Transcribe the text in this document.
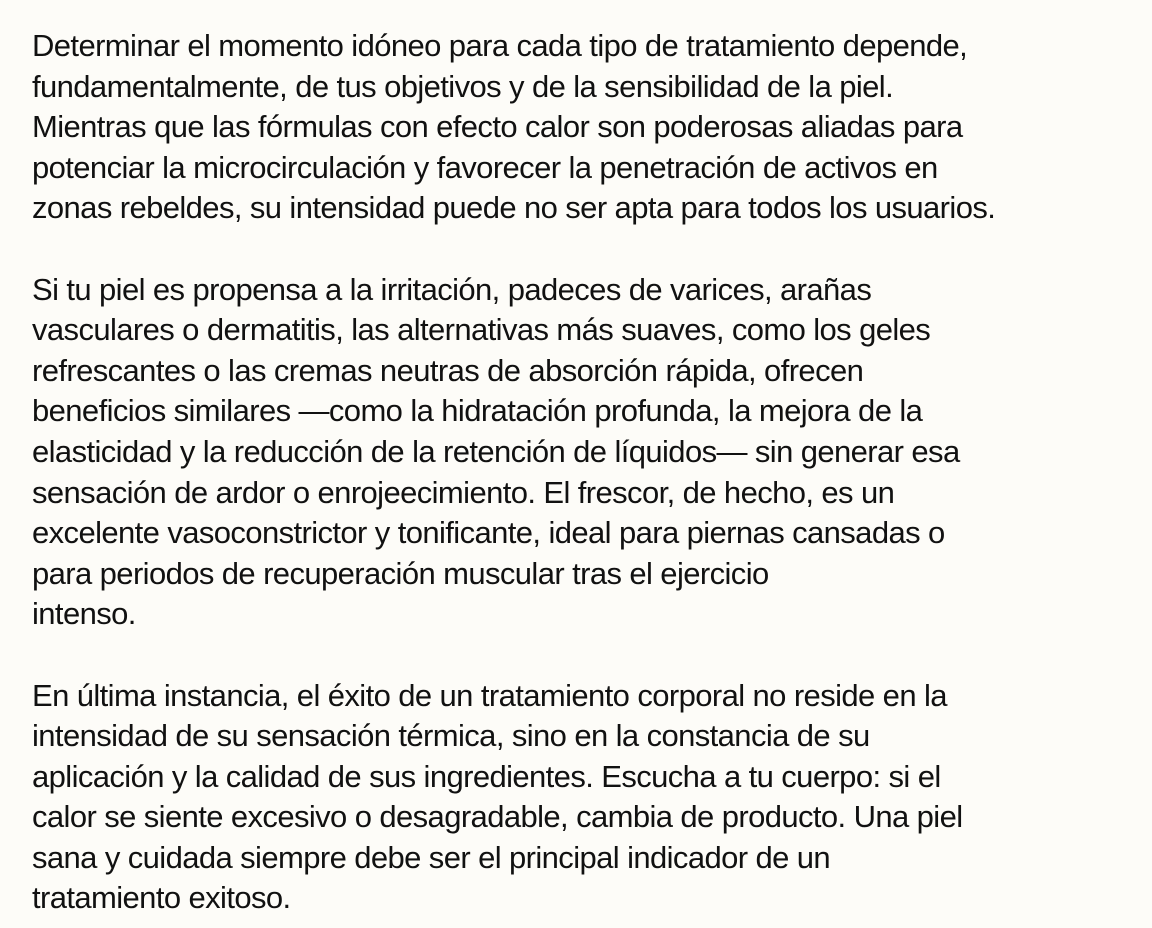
Determinar el momento idóneo para cada tipo de tratamiento depende,
fundamentalmente, de tus objetivos y de la sensibilidad de la piel.
Mientras que las fórmulas con efecto calor son poderosas aliadas para
potenciar la microcirculación y favorecer la penetración de activos en
zonas rebeldes, su intensidad puede no ser apta para todos los usuarios.

Si tu piel es propensa a la irritación, padeces de varices, arañas
vasculares o dermatitis, las alternativas más suaves, como los geles
refrescantes o las cremas neutras de absorción rápida, ofrecen
beneficios similares —como la hidratación profunda, la mejora de la
elasticidad y la reducción de la retención de líquidos— sin generar esa
sensación de ardor o enrojeecimiento. El frescor, de hecho, es un
excelente vasoconstrictor y tonificante, ideal para piernas cansadas o
para periodos de recuperación muscular tras el ejercicio
intenso.

En última instancia, el éxito de un tratamiento corporal no reside en la
intensidad de su sensación térmica, sino en la constancia de su
aplicación y la calidad de sus ingredientes. Escucha a tu cuerpo: si el
calor se siente excesivo o desagradable, cambia de producto. Una piel
sana y cuidada siempre debe ser el principal indicador de un
tratamiento exitoso.
